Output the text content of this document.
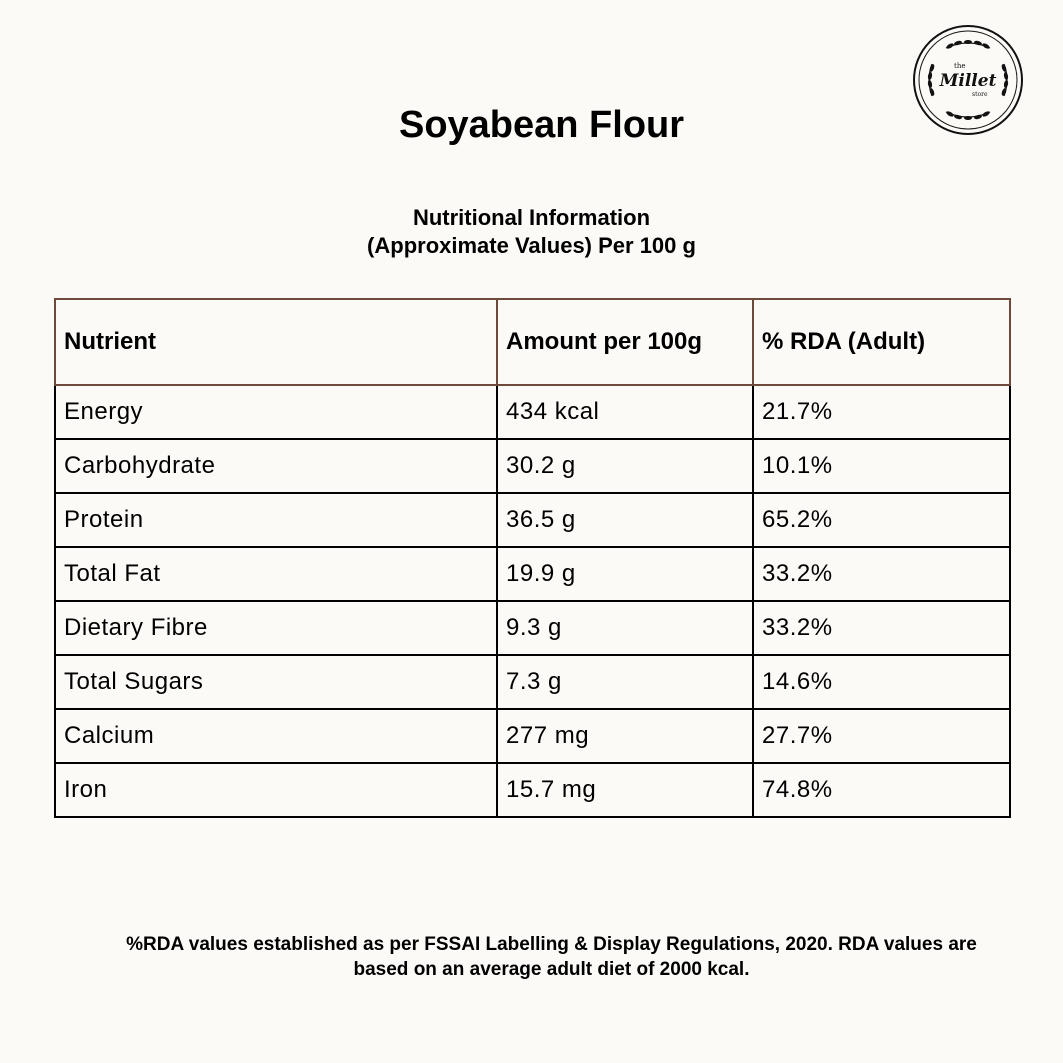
the
Millet
store
Soyabean Flour
Nutritional Information
(Approximate Values) Per 100 g
Nutrient	Amount per 100g	% RDA (Adult)
Energy	434 kcal	21.7%
Carbohydrate	30.2 g	10.1%
Protein	36.5 g	65.2%
Total Fat	19.9 g	33.2%
Dietary Fibre	9.3 g	33.2%
Total Sugars	7.3 g	14.6%
Calcium	277 mg	27.7%
Iron	15.7 mg	74.8%
%RDA values established as per FSSAI Labelling & Display Regulations, 2020. RDA values are
based on an average adult diet of 2000 kcal.
